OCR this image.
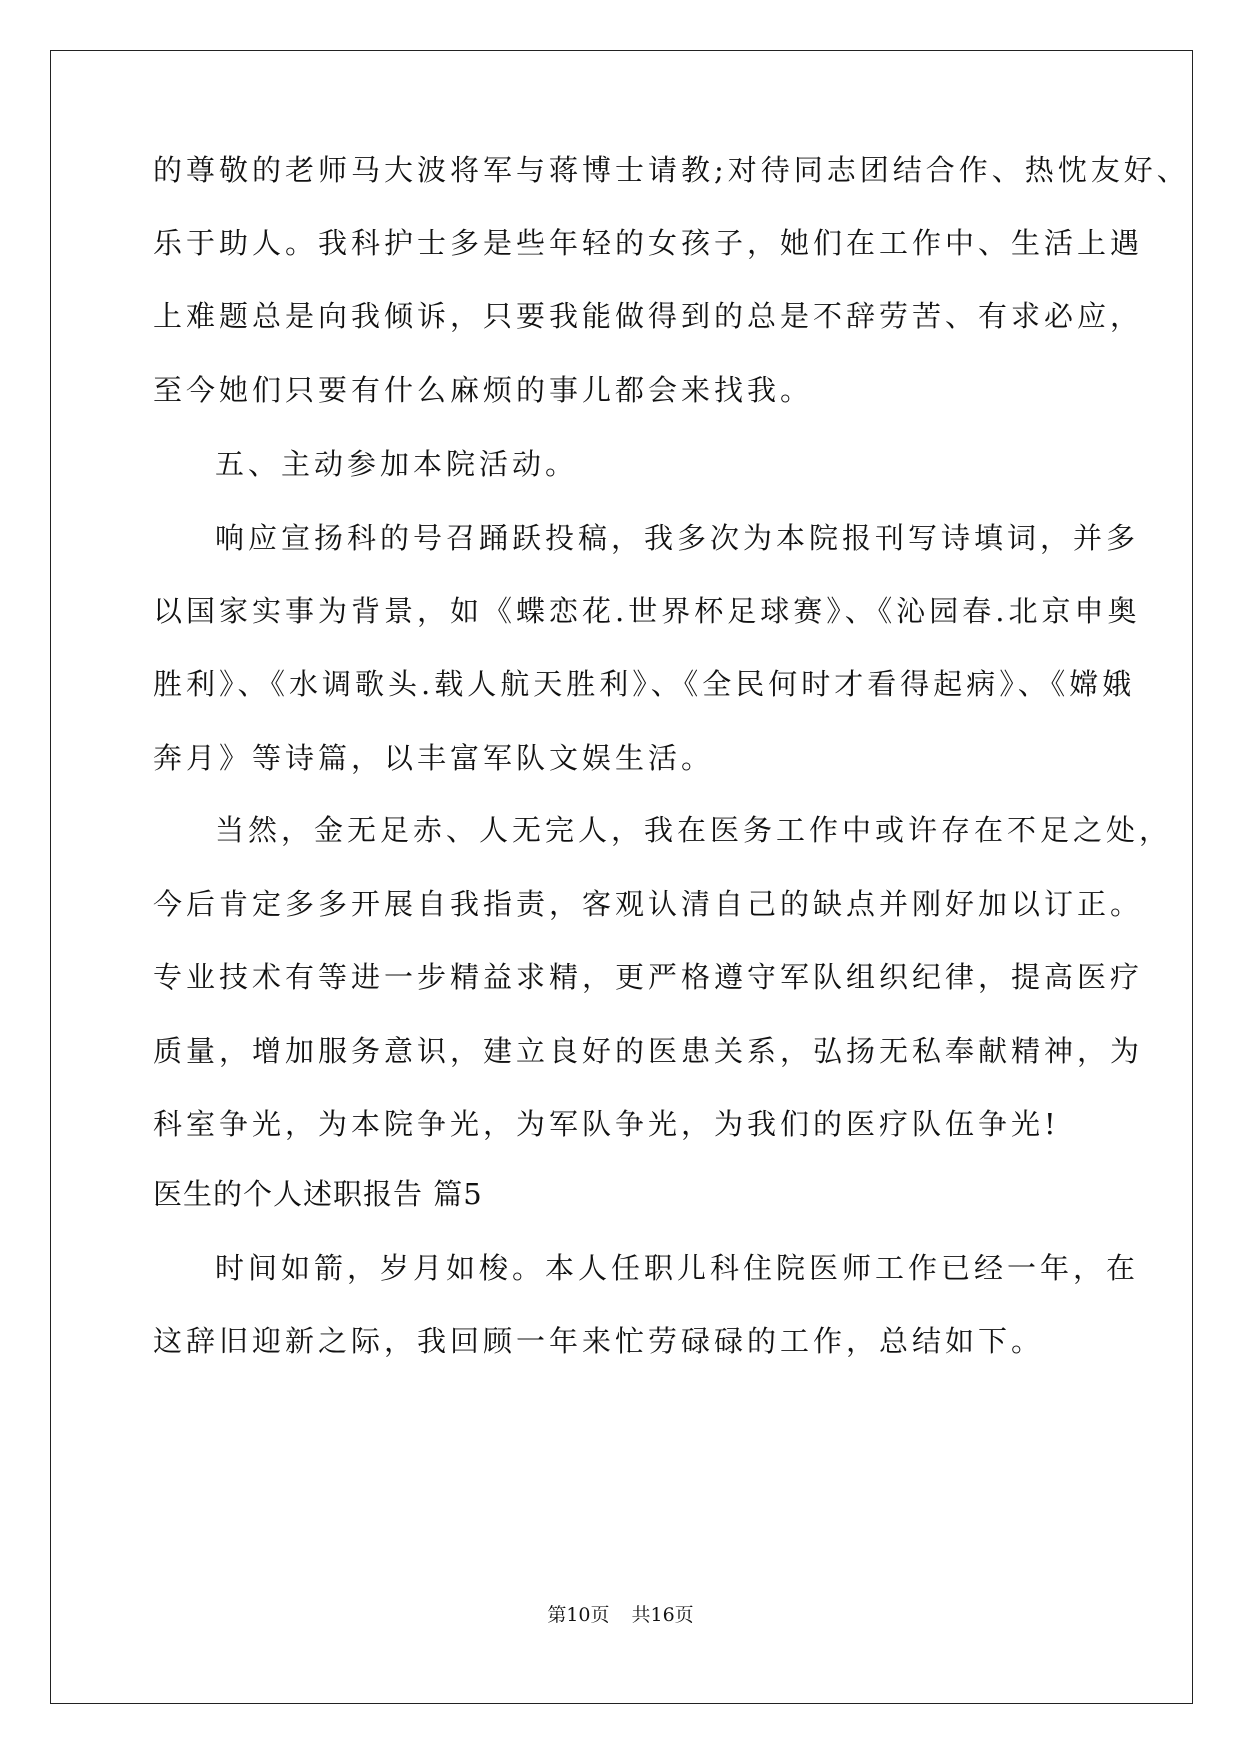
的尊敬的老师马大波将军与蒋博士请教;对待同志团结合作、热忱友好、
乐于助人。我科护士多是些年轻的女孩子，她们在工作中、生活上遇
上难题总是向我倾诉，只要我能做得到的总是不辞劳苦、有求必应，
至今她们只要有什么麻烦的事儿都会来找我。
五、主动参加本院活动。
响应宣扬科的号召踊跃投稿，我多次为本院报刊写诗填词，并多
以国家实事为背景，如《蝶恋花.世界杯足球赛》、《沁园春.北京申奥
胜利》、《水调歌头.载人航天胜利》、《全民何时才看得起病》、《嫦娥
奔月》等诗篇，以丰富军队文娱生活。
当然，金无足赤、人无完人，我在医务工作中或许存在不足之处，
今后肯定多多开展自我指责，客观认清自己的缺点并刚好加以订正。
专业技术有等进一步精益求精，更严格遵守军队组织纪律，提高医疗
质量，增加服务意识，建立良好的医患关系，弘扬无私奉献精神，为
科室争光，为本院争光，为军队争光，为我们的医疗队伍争光!
医生的个人述职报告 篇5
时间如箭，岁月如梭。本人任职儿科住院医师工作已经一年，在
这辞旧迎新之际，我回顾一年来忙劳碌碌的工作，总结如下。
第10页 共16页
